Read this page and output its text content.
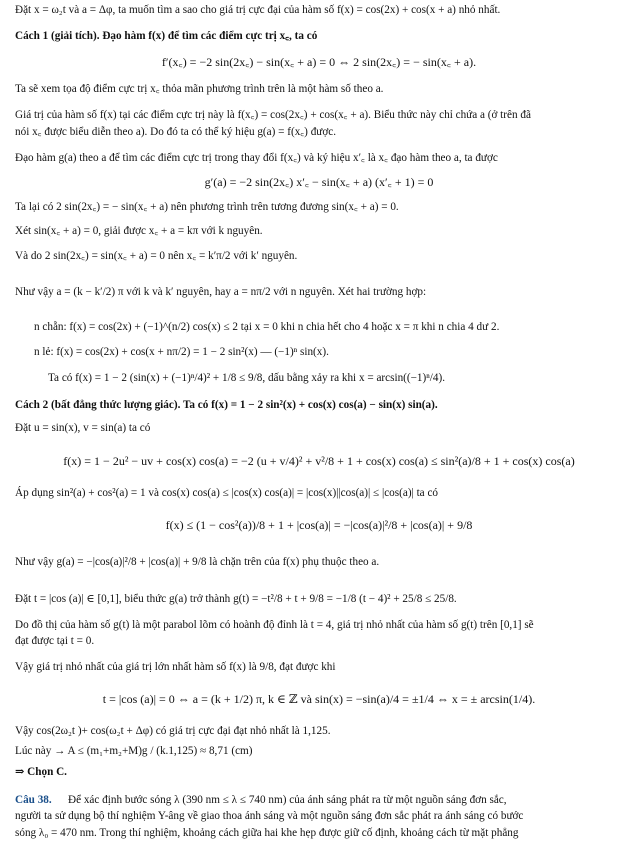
Đặt x = ω₂t và a = Δφ, ta muốn tìm a sao cho giá trị cực đại của hàm số f(x) = cos(2x) + cos(x + a) nhỏ nhất.
Cách 1 (giải tích). Đạo hàm f(x) để tìm các điểm cực trị x꜀, ta có
f′(x꜀) = −2 sin(2x꜀) − sin(x꜀ + a) = 0 ⇔ 2 sin(2x꜀) = − sin(x꜀ + a).
Ta sẽ xem tọa độ điểm cực trị x꜀ thỏa mãn phương trình trên là một hàm số theo a.
Giá trị của hàm số f(x) tại các điểm cực trị này là f(x꜀) = cos(2x꜀) + cos(x꜀ + a). Biểu thức này chỉ chứa a (ở trên đã
nói x꜀ được biểu diễn theo a). Do đó ta có thể ký hiệu g(a) = f(x꜀) được.
Đạo hàm g(a) theo a để tìm các điểm cực trị trong thay đổi f(x꜀) và ký hiệu x′꜀ là x꜀ đạo hàm theo a, ta được
g′(a) = −2 sin(2x꜀) x′꜀ − sin(x꜀ + a) (x′꜀ + 1) = 0
Ta lại có 2 sin(2x꜀) = − sin(x꜀ + a) nên phương trình trên tương đương sin(x꜀ + a) = 0.
Xét sin(x꜀ + a) = 0, giải được x꜀ + a = kπ với k nguyên.
Và do 2 sin(2x꜀) = sin(x꜀ + a) = 0 nên x꜀ = k′π/2 với k′ nguyên.
Như vậy a = (k − k′/2) π với k và k′ nguyên, hay a = nπ/2 với n nguyên. Xét hai trường hợp:
• n chẵn: f(x) = cos(2x) + (−1)^(n/2) cos(x) ≤ 2 tại x = 0 khi n chia hết cho 4 hoặc x = π khi n chia 4 dư 2.
• n lẻ: f(x) = cos(2x) + cos(x + nπ/2) = 1 − 2 sin²(x) — (−1)ⁿ sin(x).
Ta có f(x) = 1 − 2 (sin(x) + (−1)ⁿ/4)² + 1/8 ≤ 9/8, dấu bằng xảy ra khi x = arcsin((−1)ⁿ/4).
Cách 2 (bất đẳng thức lượng giác). Ta có f(x) = 1 − 2 sin²(x) + cos(x) cos(a) − sin(x) sin(a).
Đặt u = sin(x), v = sin(a) ta có
f(x) = 1 − 2u² − uv + cos(x) cos(a) = −2 (u + v/4)² + v²/8 + 1 + cos(x) cos(a) ≤ sin²(a)/8 + 1 + cos(x) cos(a)
Áp dụng sin²(a) + cos²(a) = 1 và cos(x) cos(a) ≤ |cos(x) cos(a)| = |cos(x)||cos(a)| ≤ |cos(a)| ta có
f(x) ≤ (1 − cos²(a))/8 + 1 + |cos(a)| = −|cos(a)|²/8 + |cos(a)| + 9/8
Như vậy g(a) = −|cos(a)|²/8 + |cos(a)| + 9/8 là chặn trên của f(x) phụ thuộc theo a.
Đặt t = |cos (a)| ∈ [0,1], biểu thức g(a) trở thành g(t) = −t²/8 + t + 9/8 = −1/8 (t − 4)² + 25/8 ≤ 25/8.
Do đồ thị của hàm số g(t) là một parabol lõm có hoành độ đỉnh là t = 4, giá trị nhỏ nhất của hàm số g(t) trên [0,1] sẽ
đạt được tại t = 0.
Vậy giá trị nhỏ nhất của giá trị lớn nhất hàm số f(x) là 9/8, đạt được khi
t = |cos (a)| = 0 ⇔ a = (k + 1/2) π, k ∈ ℤ và sin(x) = −sin(a)/4 = ±1/4 ⇔ x = ± arcsin(1/4).
Vậy cos(2ω₂t )+ cos(ω₂t + Δφ) có giá trị cực đại đạt nhỏ nhất là 1,125.
Lúc này → A ≤ (m₁+m₂+M)g / (k.1,125) ≈ 8,71 (cm)
⇒ Chọn C.
Câu 38.	Để xác định bước sóng λ (390 nm ≤ λ ≤ 740 nm) của ánh sáng phát ra từ một nguồn sáng đơn sắc,
người ta sử dụng bộ thí nghiệm Y-âng về giao thoa ánh sáng và một nguồn sáng đơn sắc phát ra ánh sáng có bước
sóng λ₀ = 470 nm. Trong thí nghiệm, khoảng cách giữa hai khe hẹp được giữ cố định, khoảng cách từ mặt phẳng
